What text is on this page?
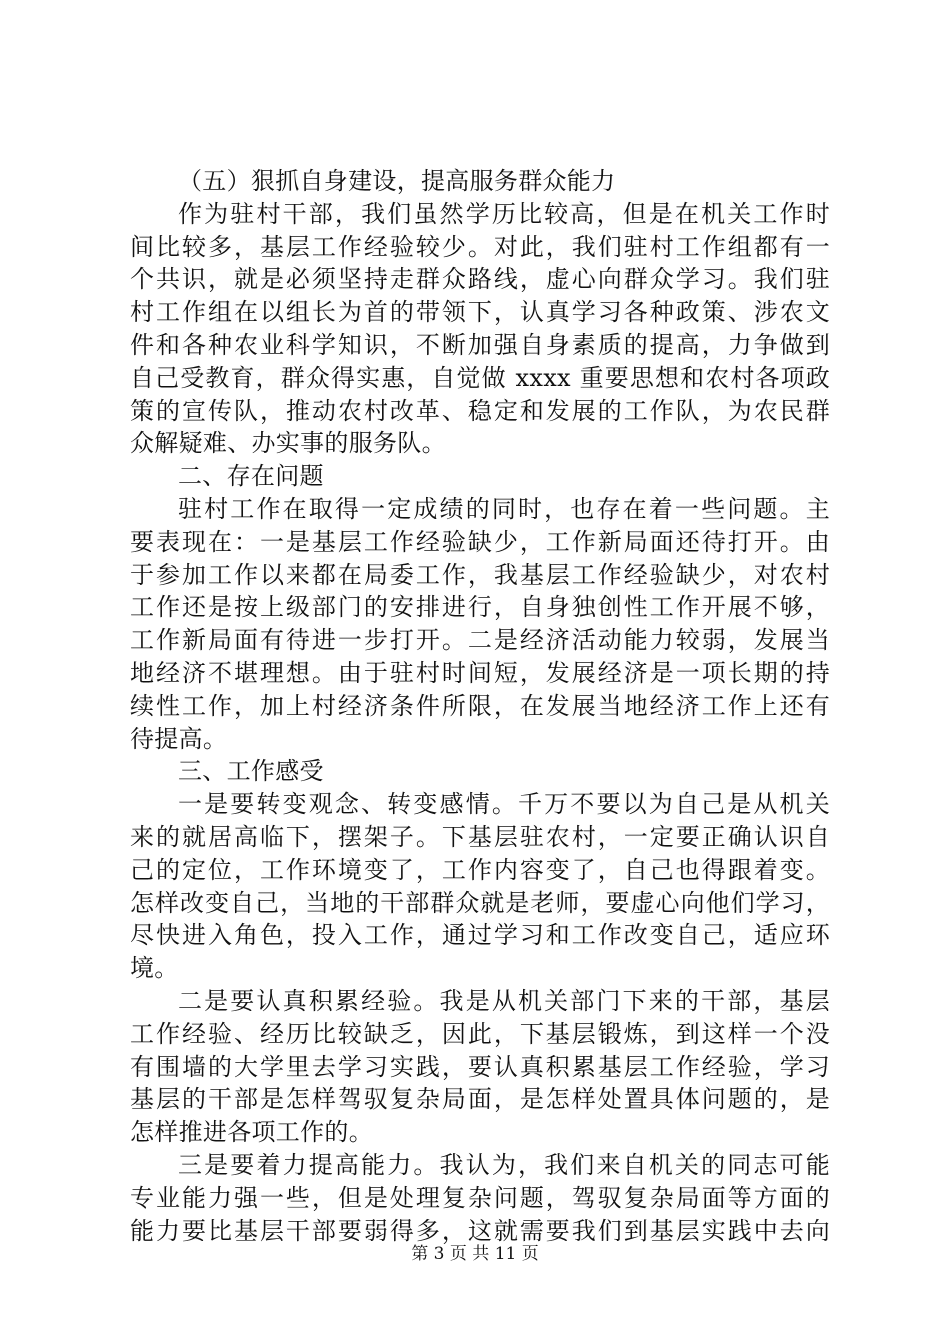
（五）狠抓自身建设，提高服务群众能力
作为驻村干部，我们虽然学历比较高，但是在机关工作时
间比较多，基层工作经验较少。对此，我们驻村工作组都有一
个共识，就是必须坚持走群众路线，虚心向群众学习。我们驻
村工作组在以组长为首的带领下，认真学习各种政策、涉农文
件和各种农业科学知识，不断加强自身素质的提高，力争做到
自己受教育，群众得实惠，自觉做 xxxx 重要思想和农村各项政
策的宣传队，推动农村改革、稳定和发展的工作队，为农民群
众解疑难、办实事的服务队。
二、存在问题
驻村工作在取得一定成绩的同时，也存在着一些问题。主
要表现在：一是基层工作经验缺少，工作新局面还待打开。由
于参加工作以来都在局委工作，我基层工作经验缺少，对农村
工作还是按上级部门的安排进行，自身独创性工作开展不够，
工作新局面有待进一步打开。二是经济活动能力较弱，发展当
地经济不堪理想。由于驻村时间短，发展经济是一项长期的持
续性工作，加上村经济条件所限，在发展当地经济工作上还有
待提高。
三、工作感受
一是要转变观念、转变感情。千万不要以为自己是从机关
来的就居高临下，摆架子。下基层驻农村，一定要正确认识自
己的定位，工作环境变了，工作内容变了，自己也得跟着变。
怎样改变自己，当地的干部群众就是老师，要虚心向他们学习，
尽快进入角色，投入工作，通过学习和工作改变自己，适应环
境。
二是要认真积累经验。我是从机关部门下来的干部，基层
工作经验、经历比较缺乏，因此，下基层锻炼，到这样一个没
有围墙的大学里去学习实践，要认真积累基层工作经验，学习
基层的干部是怎样驾驭复杂局面，是怎样处置具体问题的，是
怎样推进各项工作的。
三是要着力提高能力。我认为，我们来自机关的同志可能
专业能力强一些，但是处理复杂问题，驾驭复杂局面等方面的
能力要比基层干部要弱得多，这就需要我们到基层实践中去向
第 3 页 共 11 页
